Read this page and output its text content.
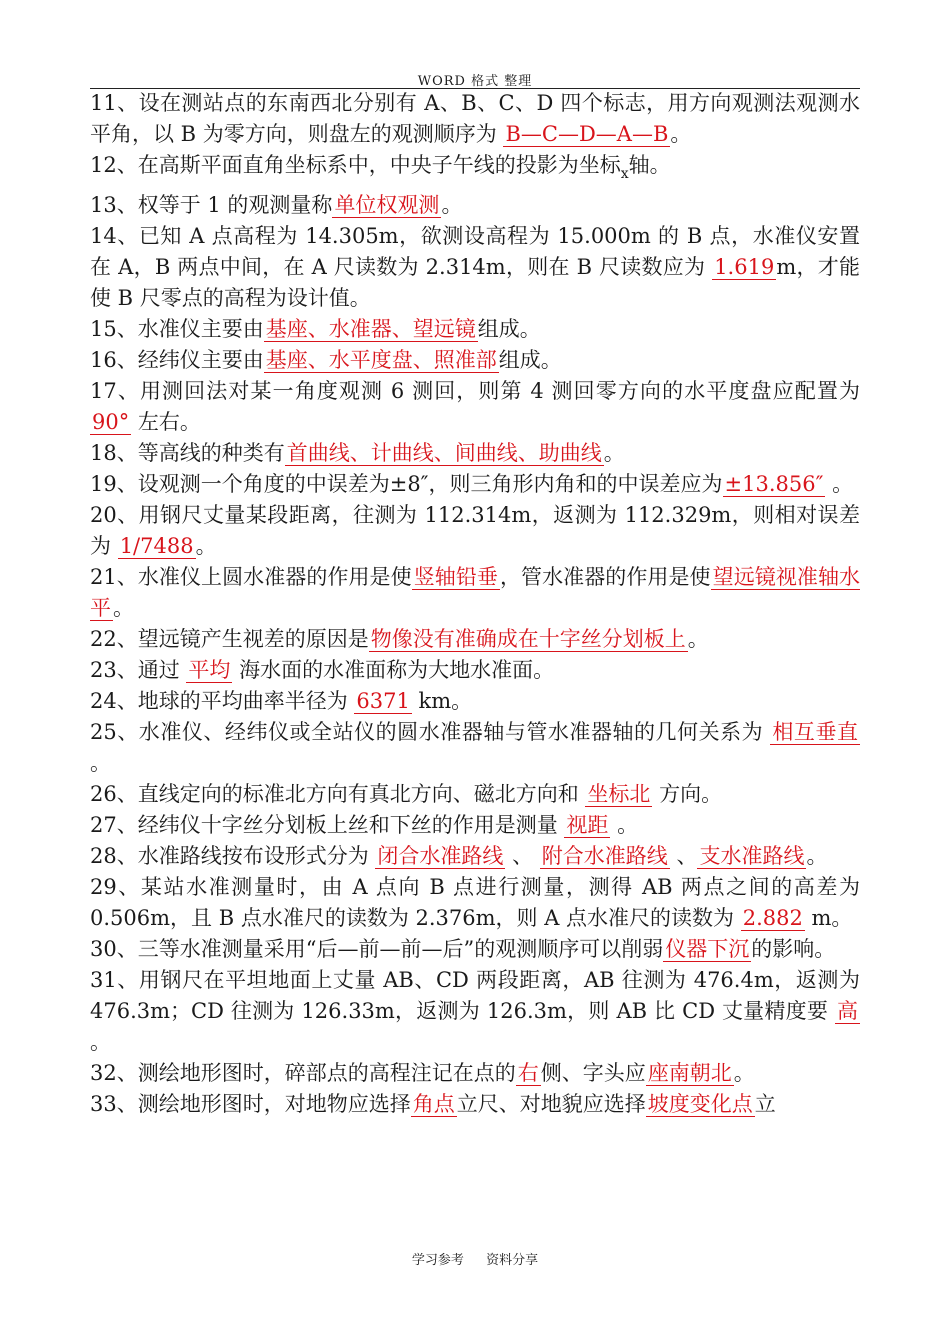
WORD 格式 整理

11、设在测站点的东南西北分别有 A、B、C、D 四个标志，用方向观测法观测水平角，以 B 为零方向，则盘左的观测顺序为 B—C—D—A—B。

12、在高斯平面直角坐标系中，中央子午线的投影为坐标$_x$轴。

13、权等于 1 的观测量称单位权观测。

14、已知 A 点高程为 14.305m，欲测设高程为 15.000m 的 B 点，水准仪安置在 A，B 两点中间，在 A 尺读数为 2.314m，则在 B 尺读数应为 1.619m，才能使 B 尺零点的高程为设计值。

15、水准仪主要由基座、水准器、望远镜组成。

16、经纬仪主要由基座、水平度盘、照准部组成。

17、用测回法对某一角度观测 6 测回，则第 4 测回零方向的水平度盘应配置为 90° 左右。

18、等高线的种类有首曲线、计曲线、间曲线、助曲线。

19、设观测一个角度的中误差为±8″，则三角形内角和的中误差应为±13.856″ 。

20、用钢尺丈量某段距离，往测为 112.314m，返测为 112.329m，则相对误差为 1/7488。

21、水准仪上圆水准器的作用是使竖轴铅垂，管水准器的作用是使望远镜视准轴水平。

22、望远镜产生视差的原因是物像没有准确成在十字丝分划板上。

23、通过 平均 海水面的水准面称为大地水准面。

24、地球的平均曲率半径为 6371 km。

25、水准仪、经纬仪或全站仪的圆水准器轴与管水准器轴的几何关系为 相互垂直 。

26、直线定向的标准北方向有真北方向、磁北方向和 坐标北 方向。

27、经纬仪十字丝分划板上丝和下丝的作用是测量 视距 。

28、水准路线按布设形式分为 闭合水准路线 、 附合水准路线 、支水准路线。

29、某站水准测量时，由 A 点向 B 点进行测量，测得 AB 两点之间的高差为 0.506m，且 B 点水准尺的读数为 2.376m，则 A 点水准尺的读数为 2.882 m。

30、三等水准测量采用“后—前—前—后”的观测顺序可以削弱仪器下沉的影响。

31、用钢尺在平坦地面上丈量 AB、CD 两段距离，AB 往测为 476.4m，返测为 476.3m；CD 往测为 126.33m，返测为 126.3m，则 AB 比 CD 丈量精度要 高 。

32、测绘地形图时，碎部点的高程注记在点的右侧、字头应座南朝北。

33、测绘地形图时，对地物应选择角点立尺、对地貌应选择坡度变化点立

学习参考 资料分享
